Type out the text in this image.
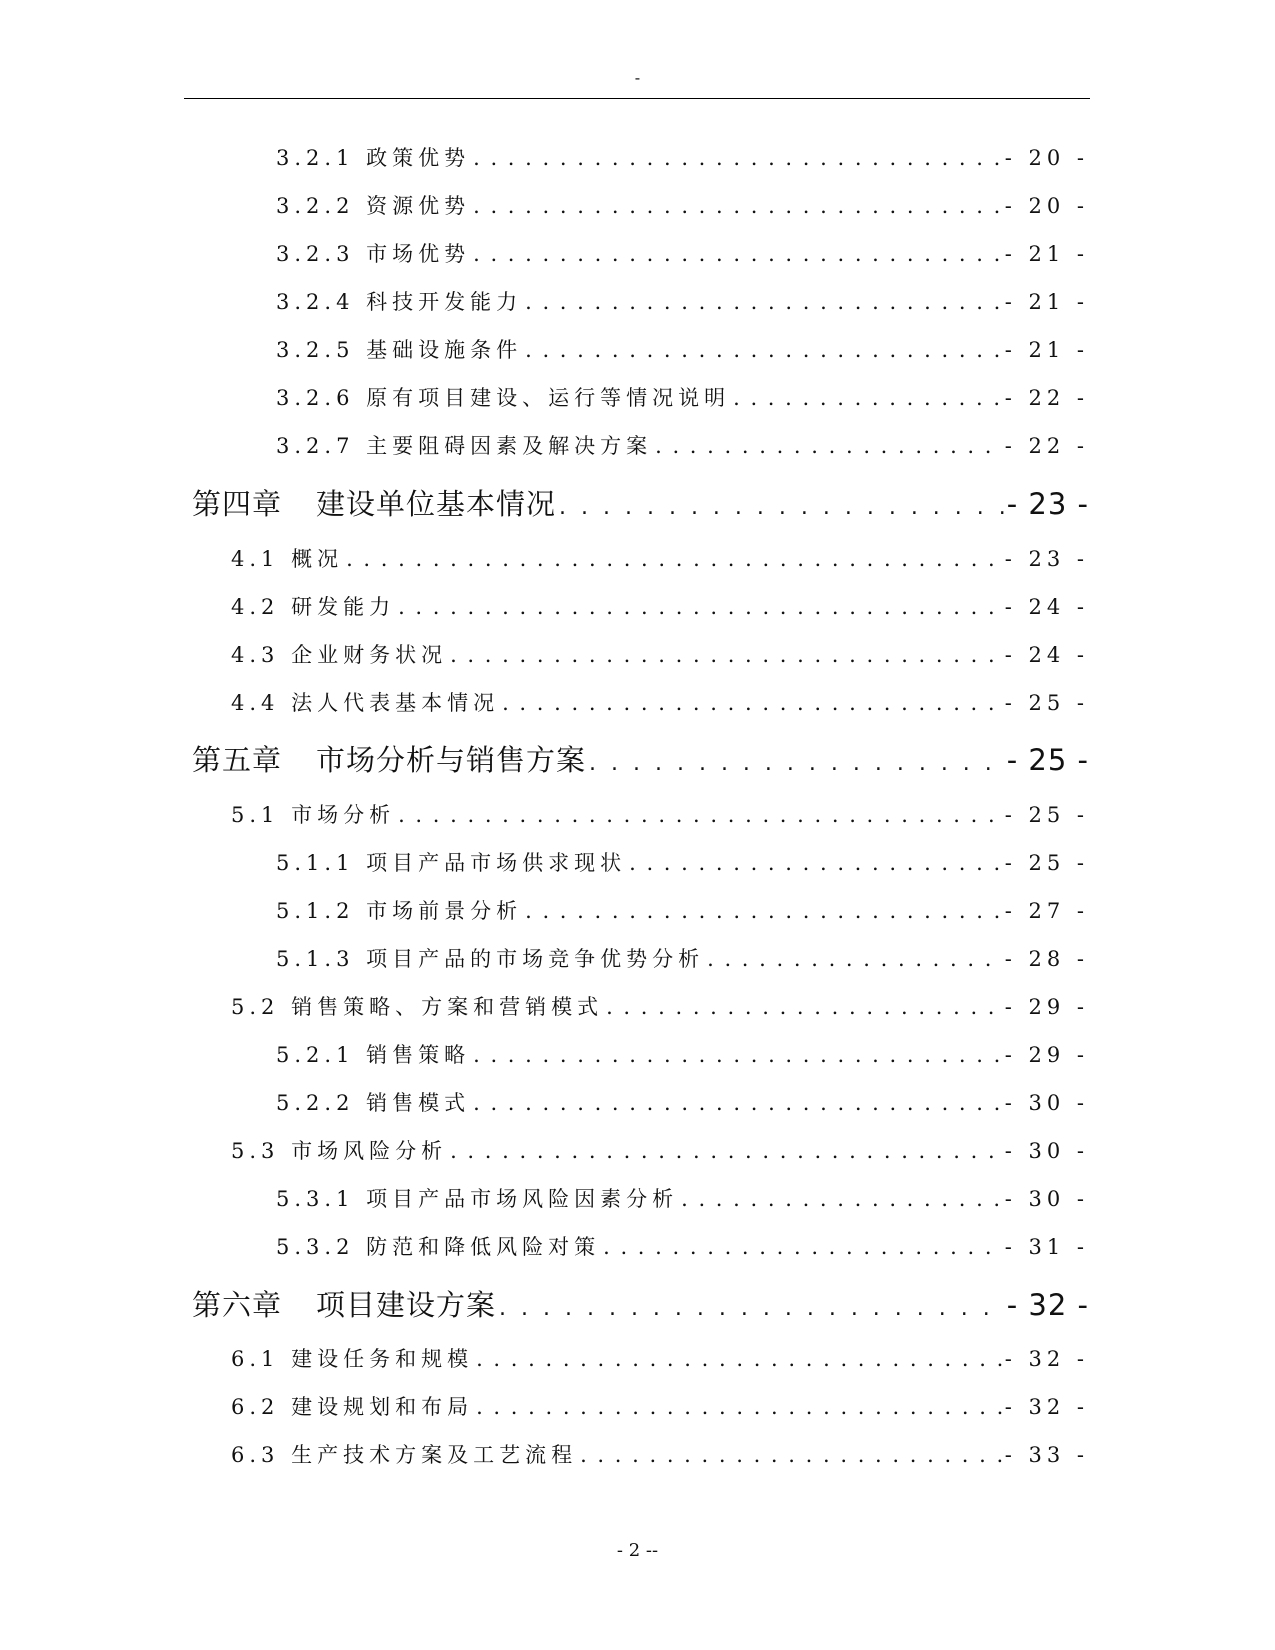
-
3.2.1 政策优势 . . .	- 20 -
3.2.2 资源优势 . . .	- 20 -
3.2.3 市场优势 . . .	- 21 -
3.2.4 科技开发能力 . . .	- 21 -
3.2.5 基础设施条件 . . .	- 21 -
3.2.6 原有项目建设、运行等情况说明 . . .	- 22 -
3.2.7 主要阻碍因素及解决方案 . . .	- 22 -
第四章 建设单位基本情况 . . .	- 23 -
4.1 概况 . . .	- 23 -
4.2 研发能力 . . .	- 24 -
4.3 企业财务状况 . . .	- 24 -
4.4 法人代表基本情况 . . .	- 25 -
第五章 市场分析与销售方案 . . .	- 25 -
5.1 市场分析 . . .	- 25 -
5.1.1 项目产品市场供求现状 . . .	- 25 -
5.1.2 市场前景分析 . . .	- 27 -
5.1.3 项目产品的市场竞争优势分析 . . .	- 28 -
5.2 销售策略、方案和营销模式 . . .	- 29 -
5.2.1 销售策略 . . .	- 29 -
5.2.2 销售模式 . . .	- 30 -
5.3 市场风险分析 . . .	- 30 -
5.3.1 项目产品市场风险因素分析 . . .	- 30 -
5.3.2 防范和降低风险对策 . . .	- 31 -
第六章 项目建设方案 . . .	- 32 -
6.1 建设任务和规模 . . .	- 32 -
6.2 建设规划和布局 . . .	- 32 -
6.3 生产技术方案及工艺流程 . . .	- 33 -
- 2 --
